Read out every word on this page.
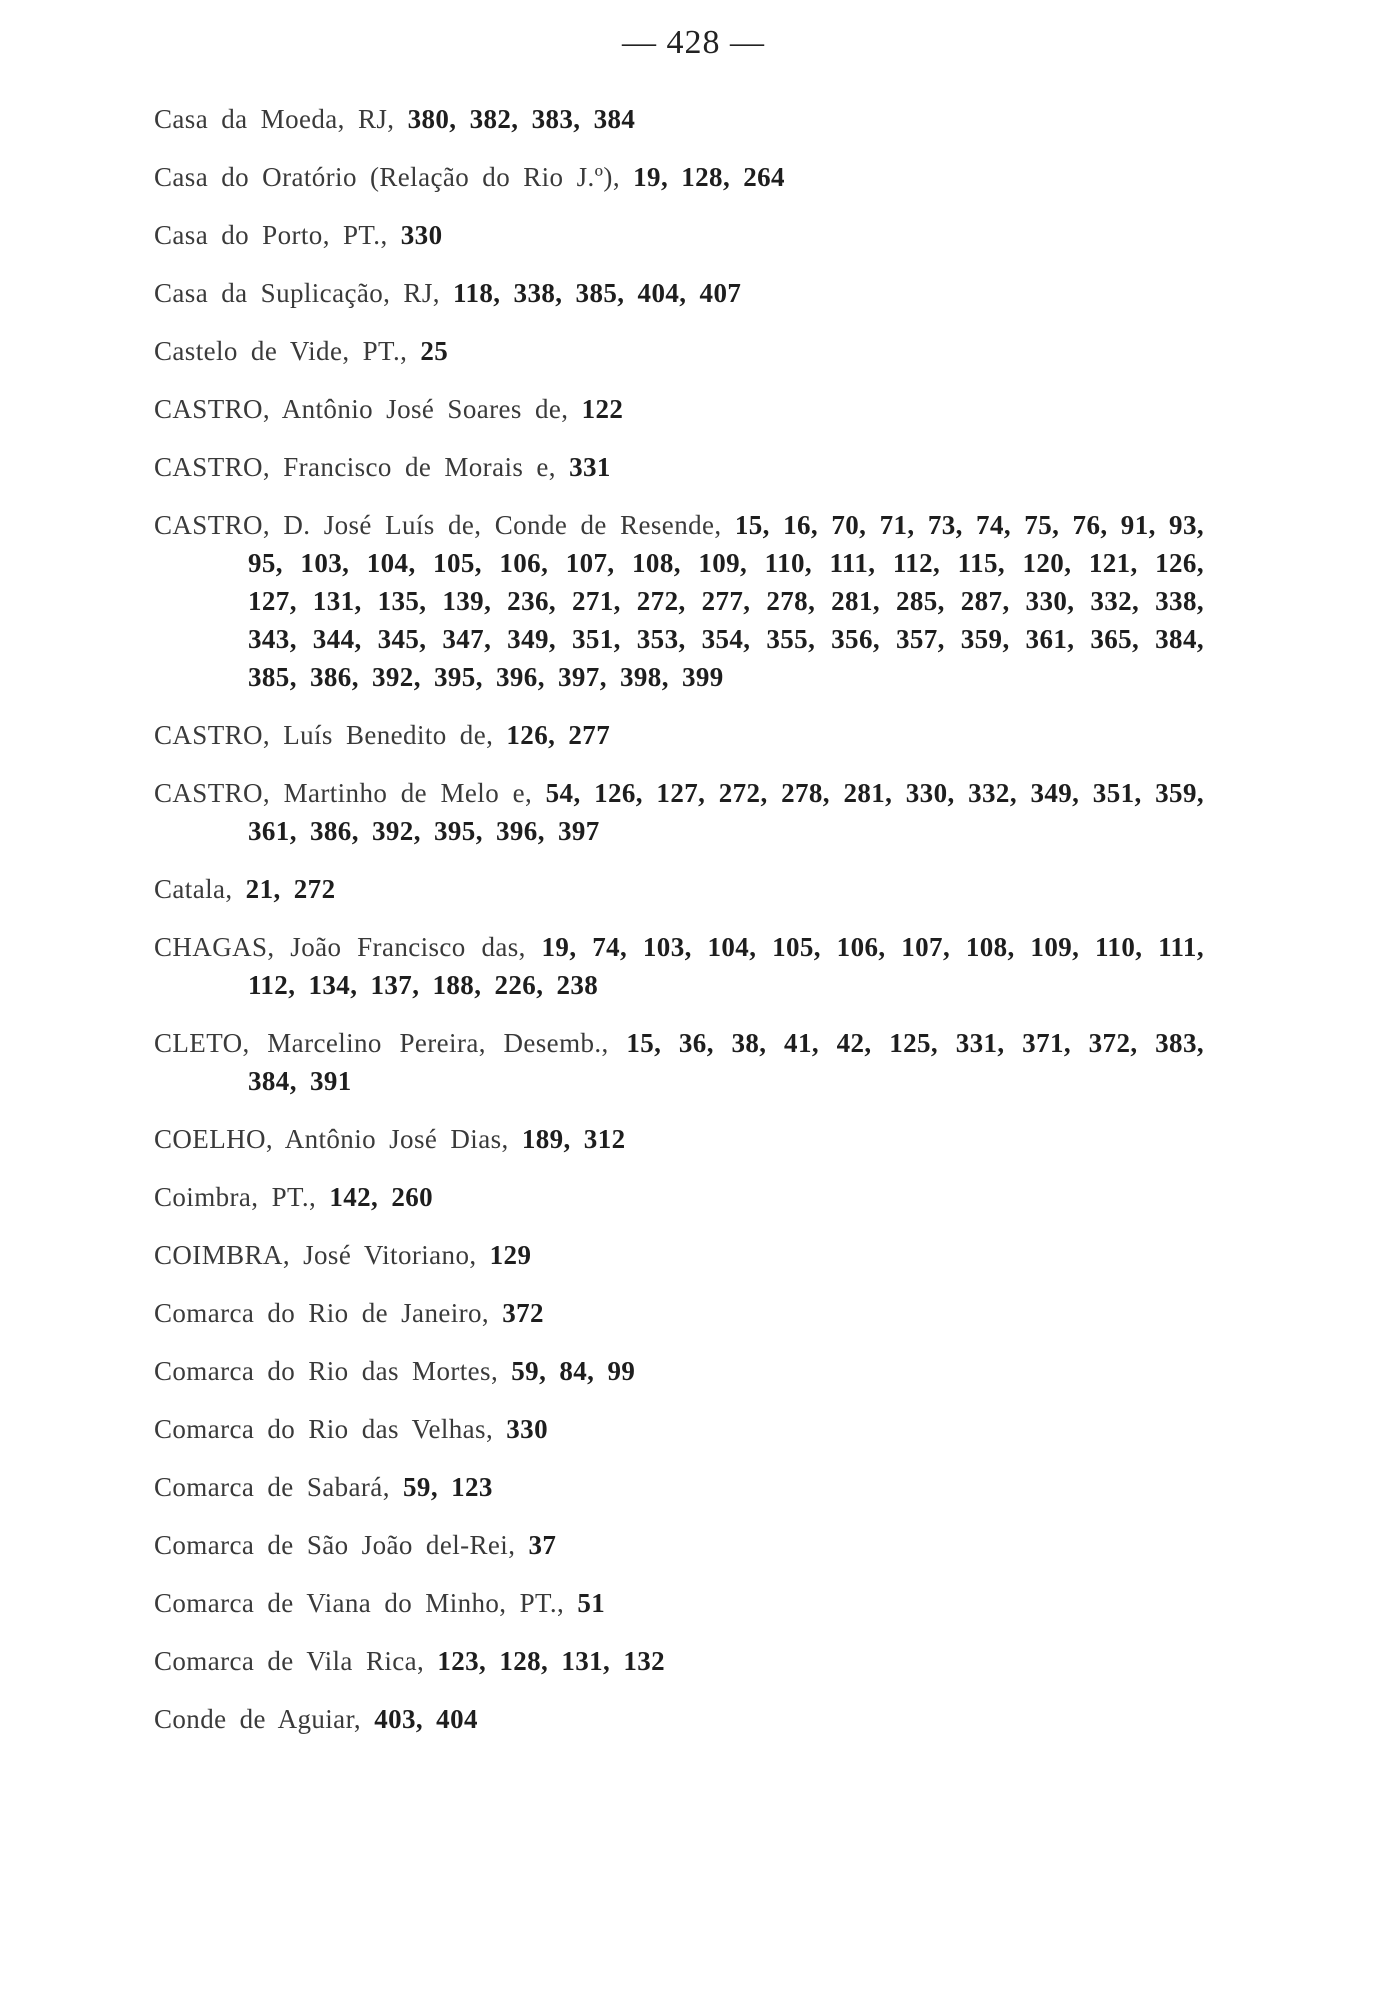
— 428 —
Casa da Moeda, RJ, 380, 382, 383, 384
Casa do Oratório (Relação do Rio J.º), 19, 128, 264
Casa do Porto, PT., 330
Casa da Suplicação, RJ, 118, 338, 385, 404, 407
Castelo de Vide, PT., 25
CASTRO, Antônio José Soares de, 122
CASTRO, Francisco de Morais e, 331
CASTRO, D. José Luís de, Conde de Resende, 15, 16, 70, 71, 73, 74, 75, 76, 91, 93, 95, 103, 104, 105, 106, 107, 108, 109, 110, 111, 112, 115, 120, 121, 126, 127, 131, 135, 139, 236, 271, 272, 277, 278, 281, 285, 287, 330, 332, 338, 343, 344, 345, 347, 349, 351, 353, 354, 355, 356, 357, 359, 361, 365, 384, 385, 386, 392, 395, 396, 397, 398, 399
CASTRO, Luís Benedito de, 126, 277
CASTRO, Martinho de Melo e, 54, 126, 127, 272, 278, 281, 330, 332, 349, 351, 359, 361, 386, 392, 395, 396, 397
Catala, 21, 272
CHAGAS, João Francisco das, 19, 74, 103, 104, 105, 106, 107, 108, 109, 110, 111, 112, 134, 137, 188, 226, 238
CLETO, Marcelino Pereira, Desemb., 15, 36, 38, 41, 42, 125, 331, 371, 372, 383, 384, 391
COELHO, Antônio José Dias, 189, 312
Coimbra, PT., 142, 260
COIMBRA, José Vitoriano, 129
Comarca do Rio de Janeiro, 372
Comarca do Rio das Mortes, 59, 84, 99
Comarca do Rio das Velhas, 330
Comarca de Sabará, 59, 123
Comarca de São João del-Rei, 37
Comarca de Viana do Minho, PT., 51
Comarca de Vila Rica, 123, 128, 131, 132
Conde de Aguiar, 403, 404
